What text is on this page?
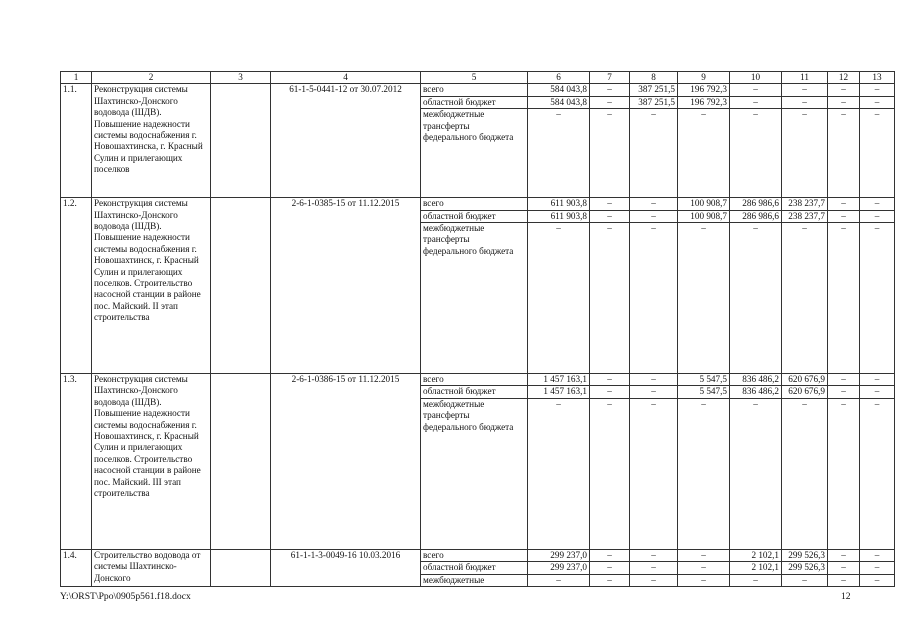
1	2	3	4	5	6	7	8	9	10	11	12	13
1.1.	Реконструкция системы Шахтинско-Донского водовода (ШДВ). Повышение надежности системы водоснабжения г. Новошахтинска, г. Красный Сулин и прилегающих поселков		61-1-5-0441-12 от 30.07.2012	всего	584 043,8	–	387 251,5	196 792,3	–	–	–	–
				областной бюджет	584 043,8	–	387 251,5	196 792,3	–	–	–	–
				межбюджетные трансферты федерального бюджета	–	–	–	–	–	–	–	–
1.2.	Реконструкция системы Шахтинско-Донского водовода (ШДВ). Повышение надежности системы водоснабжения г. Новошахтинск, г. Красный Сулин и прилегающих поселков. Строительство насосной станции в районе пос. Майский. II этап строительства		2-6-1-0385-15 от 11.12.2015	всего	611 903,8	–	–	100 908,7	286 986,6	238 237,7	–	–
				областной бюджет	611 903,8	–	–	100 908,7	286 986,6	238 237,7	–	–
				межбюджетные трансферты федерального бюджета	–	–	–	–	–	–	–	–
1.3.	Реконструкция системы Шахтинско-Донского водовода (ШДВ). Повышение надежности системы водоснабжения г. Новошахтинск, г. Красный Сулин и прилегающих поселков. Строительство насосной станции в районе пос. Майский. III этап строительства		2-6-1-0386-15 от 11.12.2015	всего	1 457 163,1	–	–	5 547,5	836 486,2	620 676,9	–	–
				областной бюджет	1 457 163,1	–	–	5 547,5	836 486,2	620 676,9	–	–
				межбюджетные трансферты федерального бюджета	–	–	–	–	–	–	–	–
1.4.	Строительство водовода от системы Шахтинско-Донского		61-1-1-3-0049-16 10.03.2016	всего	299 237,0	–	–	–	2 102,1	299 526,3	–	–
				областной бюджет	299 237,0	–	–	–	2 102,1	299 526,3	–	–
				межбюджетные	–	–	–	–	–	–	–	–
Y:\ORST\Ppo\0905p561.f18.docx	12
